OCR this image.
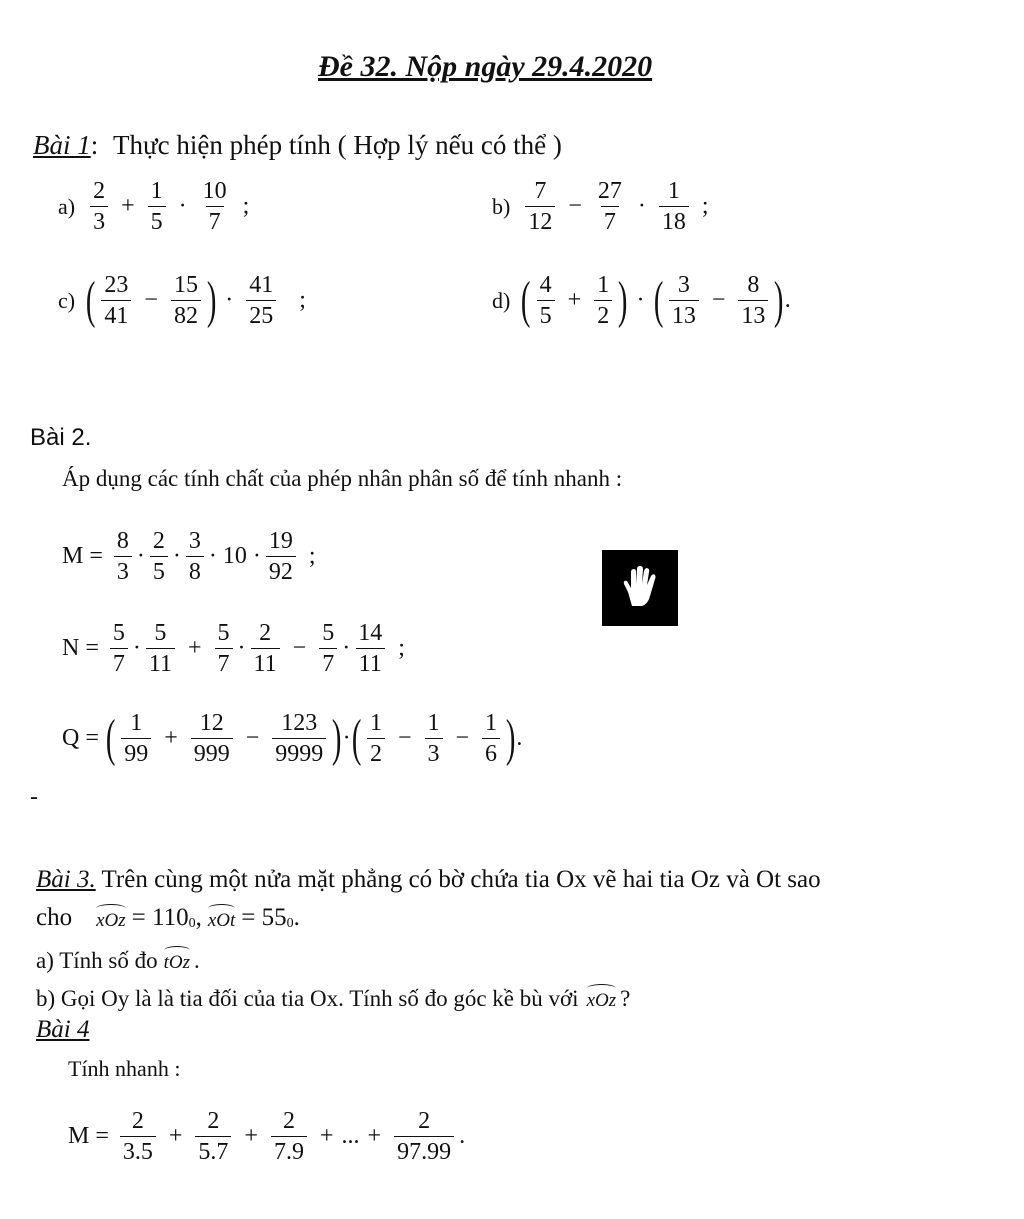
Đề 32. Nộp ngày 29.4.2020
Bài 1: Thực hiện phép tính ( Hợp lý nếu có thể )
$a) \frac{2}{3} + \frac{1}{5} \cdot \frac{10}{7}$ ;	$b) \frac{7}{12} - \frac{27}{7} \cdot \frac{1}{18}$ ;
c) ( $\frac{23}{41} - \frac{15}{82}$ ) · $\frac{41}{25}$ ;	d) ( $\frac{4}{5} + \frac{1}{2}$ ) · ( $\frac{3}{13} - \frac{8}{13}$ ) .
Bài 2.
Áp dụng các tính chất của phép nhân phân số để tính nhanh :
$M = \frac{8}{3} \cdot \frac{2}{5} \cdot \frac{3}{8} \cdot 10 \cdot \frac{19}{92}$ ;
$N = \frac{5}{7} \cdot \frac{5}{11} + \frac{5}{7} \cdot \frac{2}{11} - \frac{5}{7} \cdot \frac{14}{11}$ ;
Q = ( $\frac{1}{99} + \frac{12}{999} - \frac{123}{9999}$ ) · ( $\frac{1}{2} - \frac{1}{3} - \frac{1}{6}$ ) .
-
Bài 3. Trên cùng một nửa mặt phẳng có bờ chứa tia Ox vẽ hai tia Oz và Ot sao
cho xOz = $110_0$ , xOt = $55_0$ .
a) Tính số đo tOz .
b) Gọi Oy là là tia đối của tia Ox. Tính số đo góc kề bù với xOz ?
Bài 4
Tính nhanh :
$M = \frac{2}{3.5} + \frac{2}{5.7} + \frac{2}{7.9}$ + ... + $\frac{2}{97.99}$ .
